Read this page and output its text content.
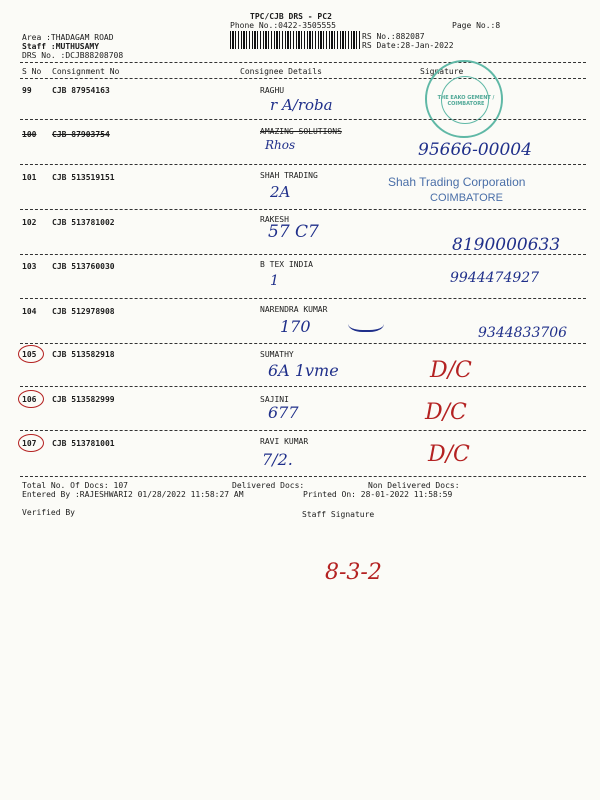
TPC/CJB DRS - PC2
Phone No.:0422-3505555	Page No.:8
Area :THADAGAM ROAD
Staff :MUTHUSAMY
DRS No. :DCJB88208708
RS No.:882087
RS Date:28-Jan-2022
S No Consignment No	Consignee Details	Signature
THE EAKO GEMENT / COIMBATORE
99	CJB 87954163	RAGHU
r A/roba
100 CJB 87903754	AMAZING SOLUTIONS
Rhos	95666-00004
101 CJB 513519151	SHAH TRADING
2A
Shah Trading Corporation
COIMBATORE
102 CJB 513781002	RAKESH
57 C7
8190000633
103 CJB 513760030	B TEX INDIA
1	9944474927
104 CJB 512978908	NARENDRA KUMAR
170	9344833706
105 CJB 513582918	SUMATHY
6A 1vme	D/C
106 CJB 513582999	SAJINI
677	D/C
107 CJB 513781001	RAVI KUMAR
7/2.	D/C
Total No. Of Docs: 107	Delivered Docs:	Non Delivered Docs:
Entered By :RAJESHWARI2 01/28/2022 11:58:27 AM	Printed On: 28-01-2022 11:58:59
Verified By	Staff Signature
8-3-2
